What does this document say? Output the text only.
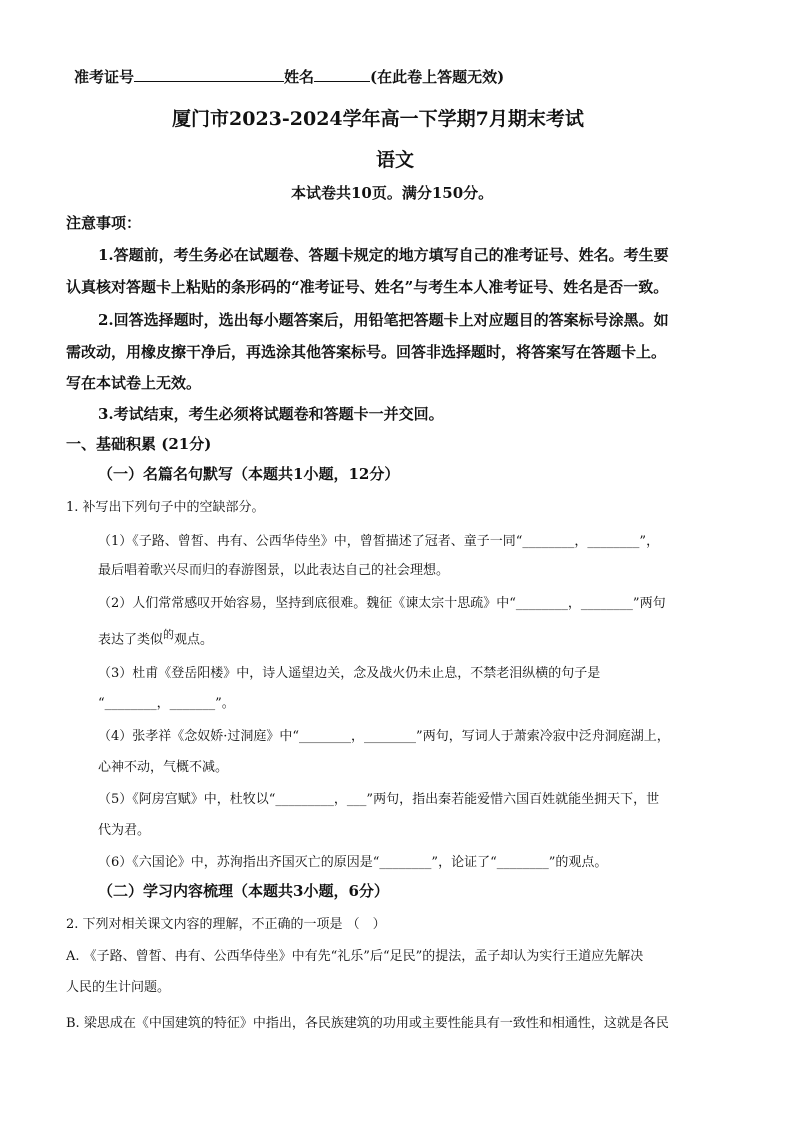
准考证号	姓名	(在此卷上答题无效)
厦门市2023-2024学年高一下学期7月期末考试
语文
本试卷共10页。满分150分。
注意事项：
1.答题前，考生务必在试题卷、答题卡规定的地方填写自己的准考证号、姓名。考生要
认真核对答题卡上粘贴的条形码的“准考证号、姓名”与考生本人准考证号、姓名是否一致。
2.回答选择题时，选出每小题答案后，用铅笔把答题卡上对应题目的答案标号涂黑。如
需改动，用橡皮擦干净后，再选涂其他答案标号。回答非选择题时，将答案写在答题卡上。
写在本试卷上无效。
3.考试结束，考生必须将试题卷和答题卡一并交回。
一、基础积累 (21分)
（一）名篇名句默写（本题共1小题，12分）
1. 补写出下列句子中的空缺部分。
（1）《子路、曾皙、冉有、公西华侍坐》中，曾皙描述了冠者、童子一同“________，________”，
最后唱着歌兴尽而归的春游图景，以此表达自己的社会理想。
（2）人们常常感叹开始容易，坚持到底很难。魏征《谏太宗十思疏》中“________，________”两句
表达了类似$^的$观点。
（3）杜甫《登岳阳楼》中，诗人遥望边关，念及战火仍未止息，不禁老泪纵横的句子是
“________，_______”。
（4）张孝祥《念奴娇·过洞庭》中“________，________”两句，写词人于萧索冷寂中泛舟洞庭湖上，
心神不动，气概不减。
（5）《阿房宫赋》中，杜牧以“_________，___”两句，指出秦若能爱惜六国百姓就能坐拥天下，世
代为君。
（6）《六国论》中，苏洵指出齐国灭亡的原因是“________”，论证了“________”的观点。
（二）学习内容梳理（本题共3小题，6分）
2. 下列对相关课文内容的理解，不正确的一项是 （　）
A. 《子路、曾皙、冉有、公西华侍坐》中有先“礼乐”后“足民”的提法，孟子却认为实行王道应先解决
人民的生计问题。
B. 梁思成在《中国建筑的特征》中指出，各民族建筑的功用或主要性能具有一致性和相通性，这就是各民
